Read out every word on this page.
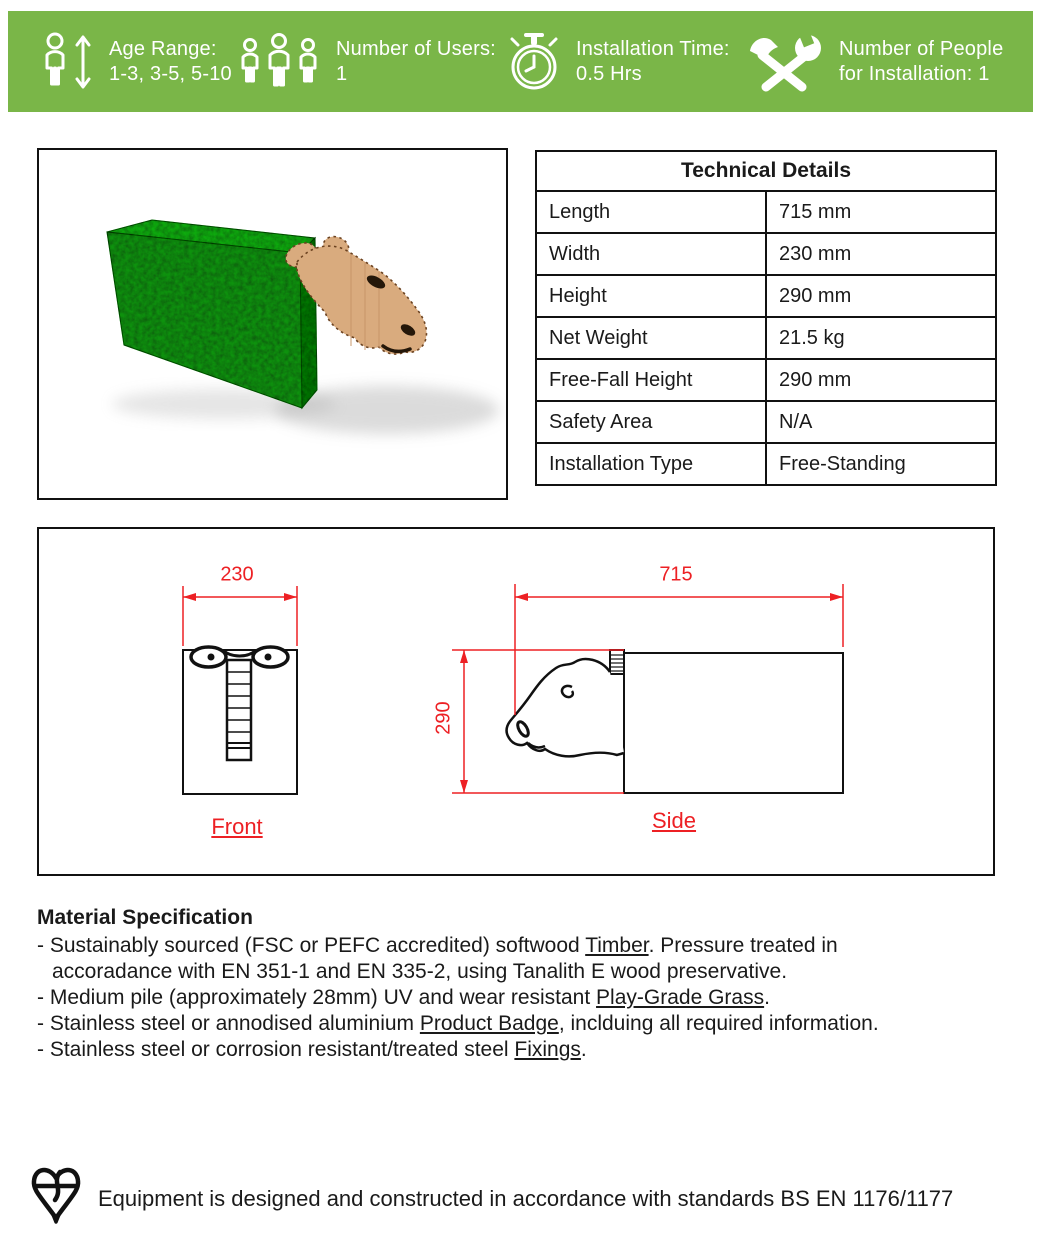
Age Range:
1-3, 3-5, 5-10
Number of Users:
1
Installation Time:
0.5 Hrs
Number of People
for Installation: 1
Technical Details	
Length	715 mm
Width	230 mm
Height	290 mm
Net Weight	21.5 kg
Free-Fall Height	290 mm
Safety Area	N/A
Installation Type	Free-Standing
230	715
290
Front	Side
Material Specification
- Sustainably sourced (FSC or PEFC accredited) softwood Timber. Pressure treated in
accoradance with EN 351-1 and EN 335-2, using Tanalith E wood preservative.
- Medium pile (approximately 28mm) UV and wear resistant Play-Grade Grass.
- Stainless steel or annodised aluminium Product Badge, inclduing all required information.
- Stainless steel or corrosion resistant/treated steel Fixings.
Equipment is designed and constructed in accordance with standards BS EN 1176/1177
